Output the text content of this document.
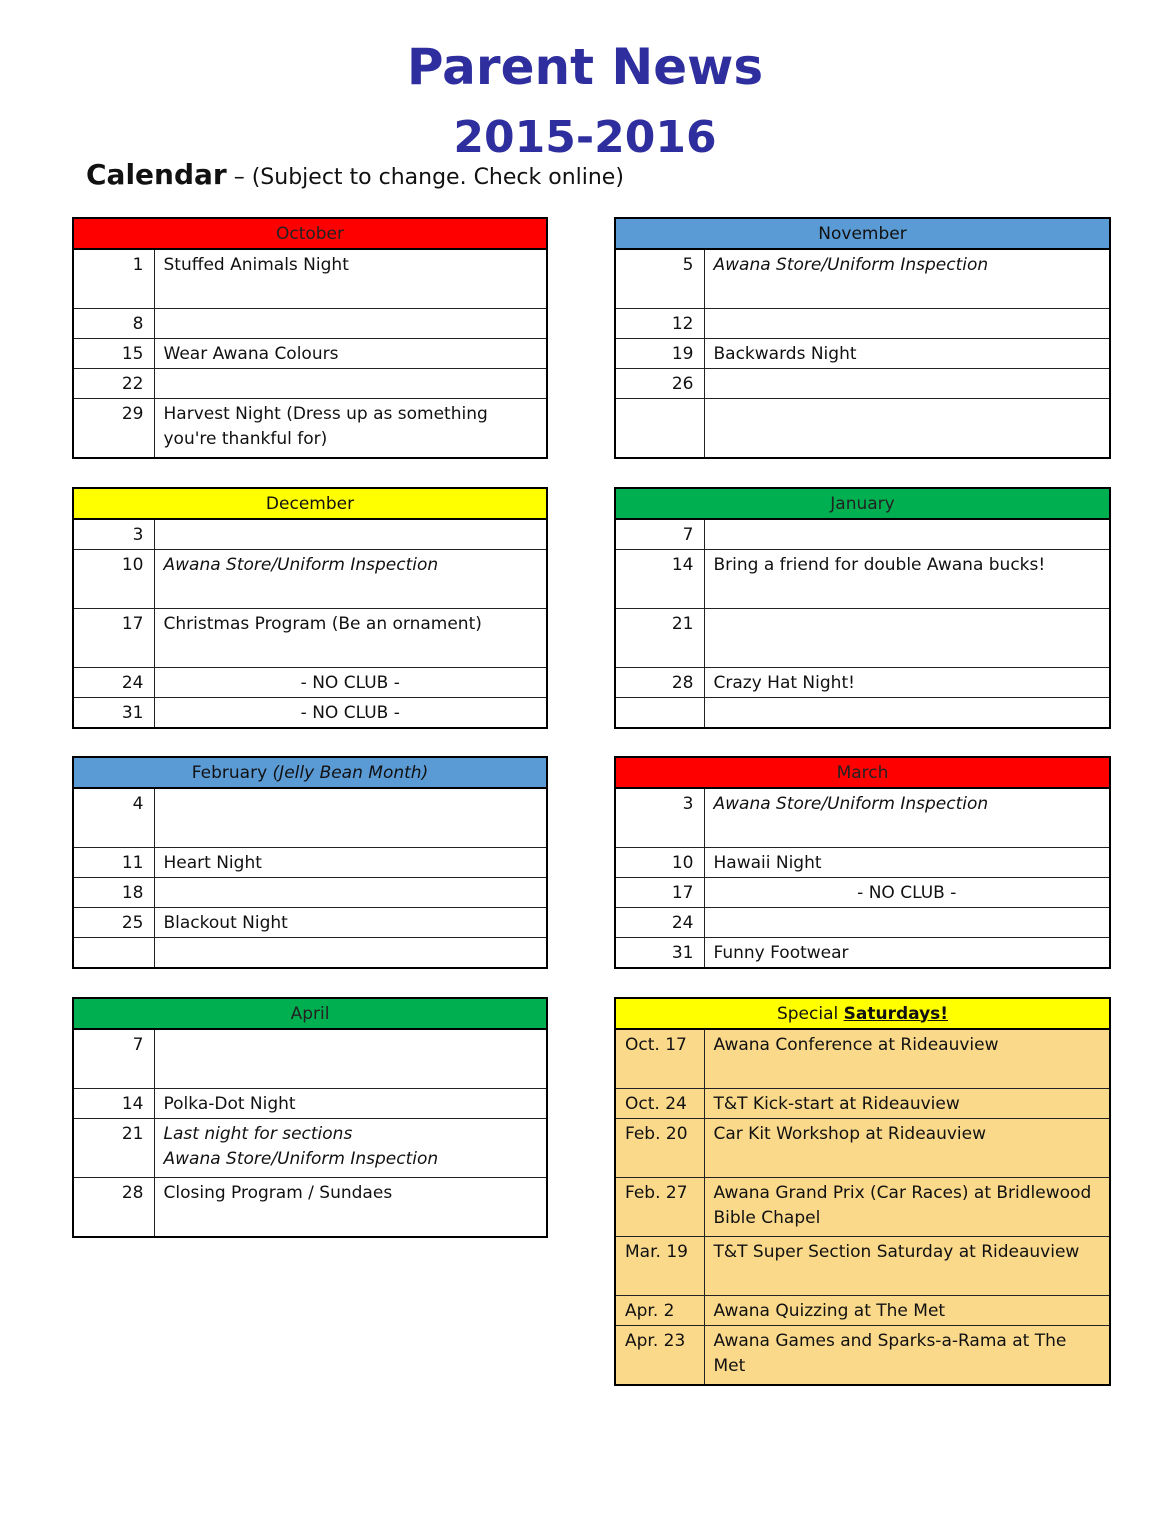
Parent News
2015-2016
Calendar – (Subject to change. Check online)
October	
1	Stuffed Animals Night
8	
15	Wear Awana Colours
22	
29	Harvest Night (Dress up as something you're thankful for)
November	
5	Awana Store/Uniform Inspection
12	
19	Backwards Night
26	

December	
3	
10	Awana Store/Uniform Inspection
17	Christmas Program (Be an ornament)
24	- NO CLUB -
31	- NO CLUB -
January	
7	
14	Bring a friend for double Awana bucks!
21	
28	Crazy Hat Night!

February (Jelly Bean Month)	
4	
11	Heart Night
18	
25	Blackout Night

March	
3	Awana Store/Uniform Inspection
10	Hawaii Night
17	- NO CLUB -
24	
31	Funny Footwear
April	
7	
14	Polka-Dot Night
21	Last night for sections
Awana Store/Uniform Inspection
28	Closing Program / Sundaes
Special Saturdays!	
Oct. 17	Awana Conference at Rideauview
Oct. 24	T&T Kick-start at Rideauview
Feb. 20	Car Kit Workshop at Rideauview
Feb. 27	Awana Grand Prix (Car Races) at Bridlewood Bible Chapel
Mar. 19	T&T Super Section Saturday at Rideauview
Apr. 2	Awana Quizzing at The Met
Apr. 23	Awana Games and Sparks-a-Rama at The Met
